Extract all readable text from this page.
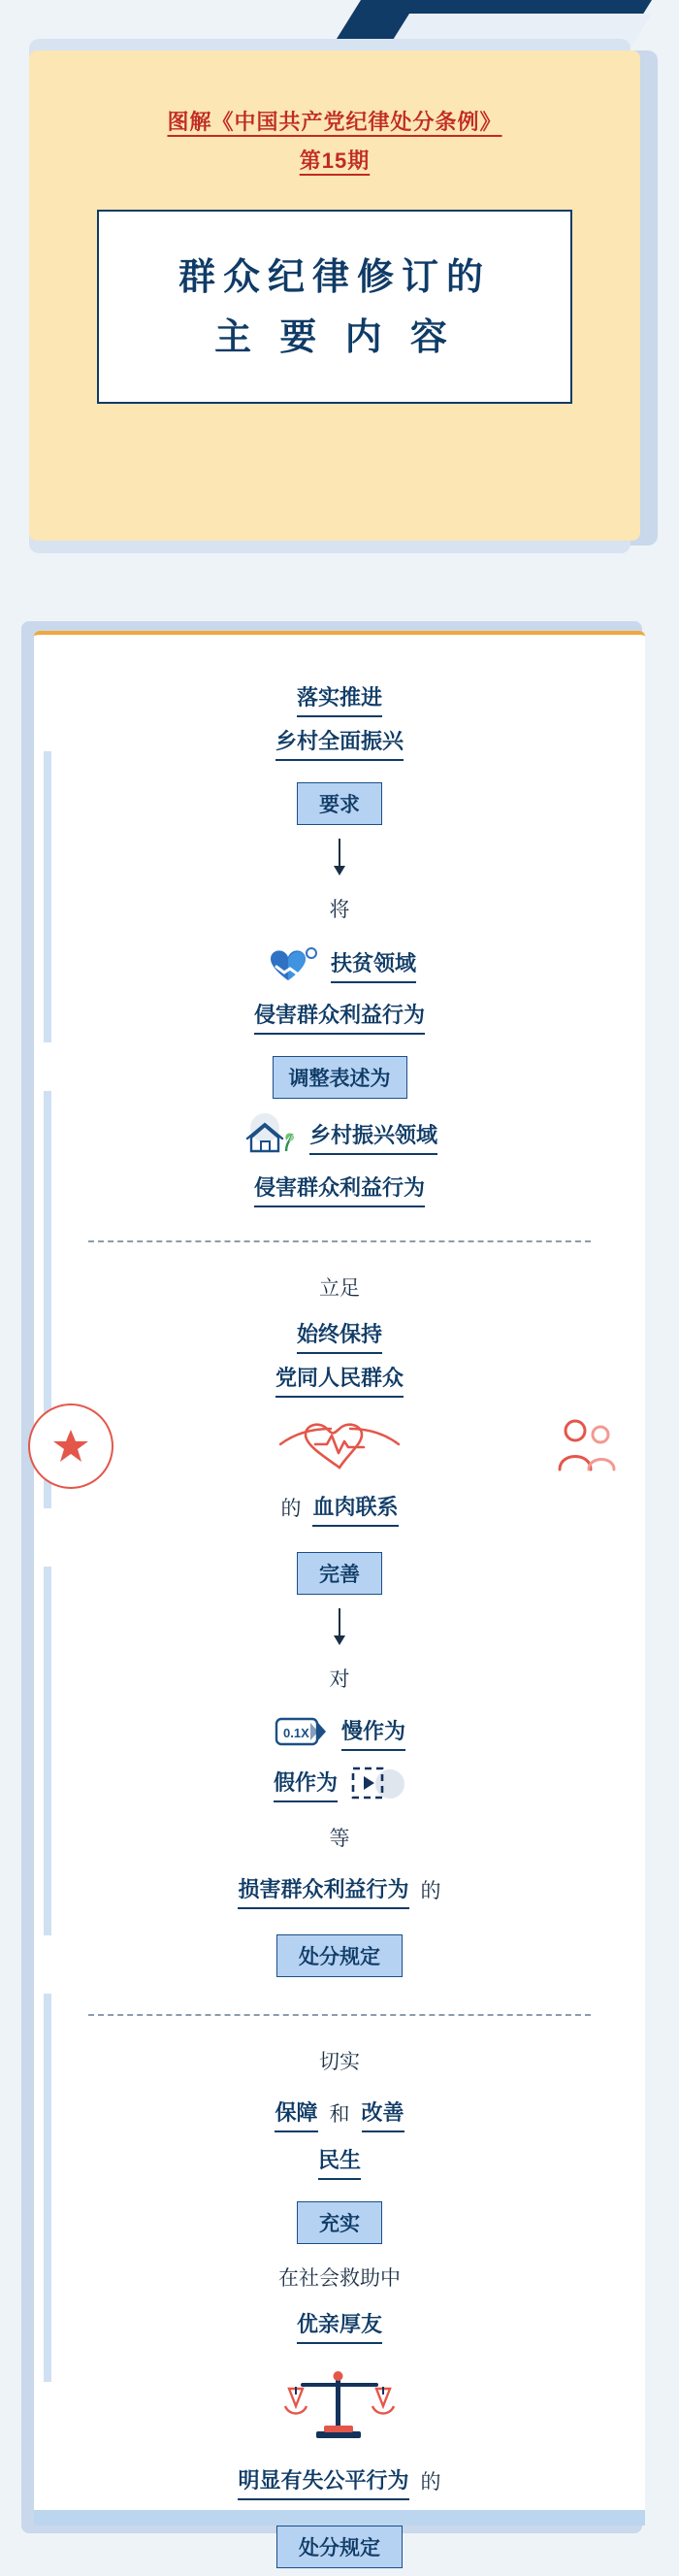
图解《中国共产党纪律处分条例》
第15期
群众纪律修订的
主 要 内 容
落实推进
乡村全面振兴
要求
将
扶贫领域
侵害群众利益行为
调整表述为
乡村振兴领域
侵害群众利益行为
立足
始终保持
党同人民群众
的 血肉联系
完善
对
0.1X 慢作为
假作为
等
损害群众利益行为 的
处分规定
切实
保障 和 改善
民生
充实
在社会救助中
优亲厚友
明显有失公平行为 的
处分规定
